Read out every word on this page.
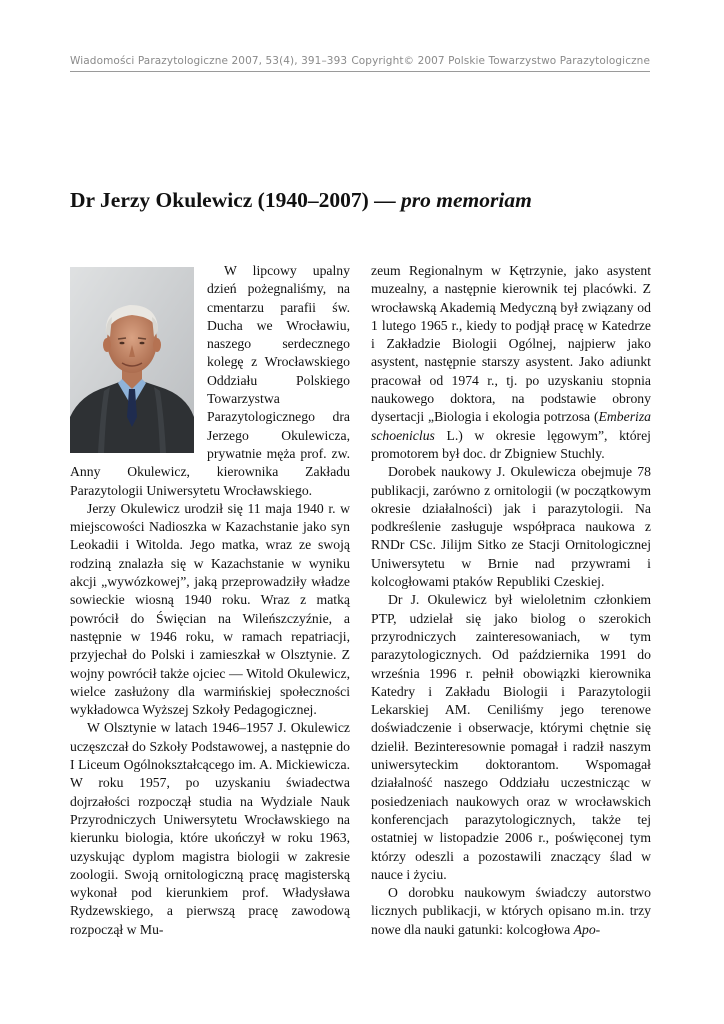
Wiadomości Parazytologiczne 2007, 53(4), 391–393 Copyright© 2007 Polskie Towarzystwo Parazytologiczne
Dr Jerzy Okulewicz (1940–2007) — pro memoriam

W lipcowy upalny dzień pożegnaliśmy, na cmentarzu parafii św. Ducha we Wrocławiu, naszego serdecznego kolegę z Wrocławskiego Oddziału Polskiego Towarzystwa Parazytologicznego dra Jerzego Okulewicza, prywatnie męża prof. zw. Anny Okulewicz, kierownika Zakładu Parazytologii Uniwersytetu Wrocławskiego.

Jerzy Okulewicz urodził się 11 maja 1940 r. w miejscowości Nadioszka w Kazachstanie jako syn Leokadii i Witolda. Jego matka, wraz ze swoją rodziną znalazła się w Kazachstanie w wyniku akcji „wywózkowej”, jaką przeprowadziły władze sowieckie wiosną 1940 roku. Wraz z matką powrócił do Święcian na Wileńszczyźnie, a następnie w 1946 roku, w ramach repatriacji, przyjechał do Polski i zamieszkał w Olsztynie. Z wojny powrócił także ojciec — Witold Okulewicz, wielce zasłużony dla warmińskiej społeczności wykładowca Wyższej Szkoły Pedagogicznej.

W Olsztynie w latach 1946–1957 J. Okulewicz uczęszczał do Szkoły Podstawowej, a następnie do I Liceum Ogólnokształcącego im. A. Mickiewicza. W roku 1957, po uzyskaniu świadectwa dojrzałości rozpoczął studia na Wydziale Nauk Przyrodniczych Uniwersytetu Wrocławskiego na kierunku biologia, które ukończył w roku 1963, uzyskując dyplom magistra biologii w zakresie zoologii. Swoją ornitologiczną pracę magisterską wykonał pod kierunkiem prof. Władysława Rydzewskiego, a pierwszą pracę zawodową rozpoczął w Mu-

zeum Regionalnym w Kętrzynie, jako asystent muzealny, a następnie kierownik tej placówki. Z wrocławską Akademią Medyczną był związany od 1 lutego 1965 r., kiedy to podjął pracę w Katedrze i Zakładzie Biologii Ogólnej, najpierw jako asystent, następnie starszy asystent. Jako adiunkt pracował od 1974 r., tj. po uzyskaniu stopnia naukowego doktora, na podstawie obrony dysertacji „Biologia i ekologia potrzosa (Emberiza schoeniclus L.) w okresie lęgowym”, której promotorem był doc. dr Zbigniew Stuchly.

Dorobek naukowy J. Okulewicza obejmuje 78 publikacji, zarówno z ornitologii (w początkowym okresie działalności) jak i parazytologii. Na podkreślenie zasługuje współpraca naukowa z RNDr CSc. Jilijm Sitko ze Stacji Ornitologicznej Uniwersytetu w Brnie nad przywrami i kolcogłowami ptaków Republiki Czeskiej.

Dr J. Okulewicz był wieloletnim członkiem PTP, udzielał się jako biolog o szerokich przyrodniczych zainteresowaniach, w tym parazytologicznych. Od października 1991 do września 1996 r. pełnił obowiązki kierownika Katedry i Zakładu Biologii i Parazytologii Lekarskiej AM. Ceniliśmy jego terenowe doświadczenie i obserwacje, którymi chętnie się dzielił. Bezinteresownie pomagał i radził naszym uniwersyteckim doktorantom. Wspomagał działalność naszego Oddziału uczestnicząc w posiedzeniach naukowych oraz w wrocławskich konferencjach parazytologicznych, także tej ostatniej w listopadzie 2006 r., poświęconej tym którzy odeszli a pozostawili znaczący ślad w nauce i życiu.

O dorobku naukowym świadczy autorstwo licznych publikacji, w których opisano m.in. trzy nowe dla nauki gatunki: kolcogłowa Apo-
